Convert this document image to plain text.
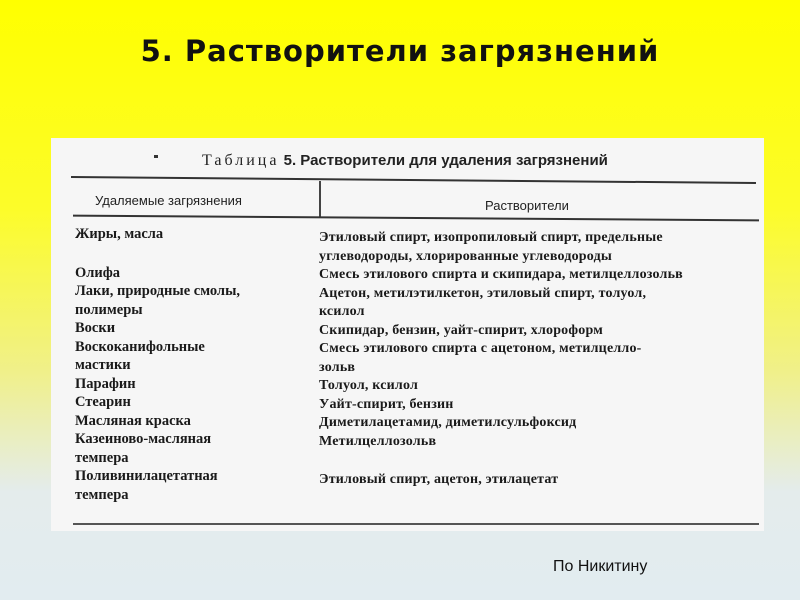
5. Растворители загрязнений
Таблица 5. Растворители для удаления загрязнений
Удаляемые загрязнения	Растворители
Жиры, масла
Олифа
Лаки, природные смолы,
полимеры
Воски
Воскоканифольные
мастики
Парафин
Стеарин
Масляная краска
Казеиново-масляная
темпера
Поливинилацетатная
темпера
Этиловый спирт, изопропиловый спирт, предельные
углеводороды, хлорированные углеводороды
Смесь этилового спирта и скипидара, метилцеллозольв
Ацетон, метилэтилкетон, этиловый спирт, толуол,
ксилол
Скипидар, бензин, уайт-спирит, хлороформ
Смесь этилового спирта с ацетоном, метилцелло-
зольв
Толуол, ксилол
Уайт-спирит, бензин
Диметилацетамид, диметилсульфоксид
Метилцеллозольв
Этиловый спирт, ацетон, этилацетат
По Никитину
